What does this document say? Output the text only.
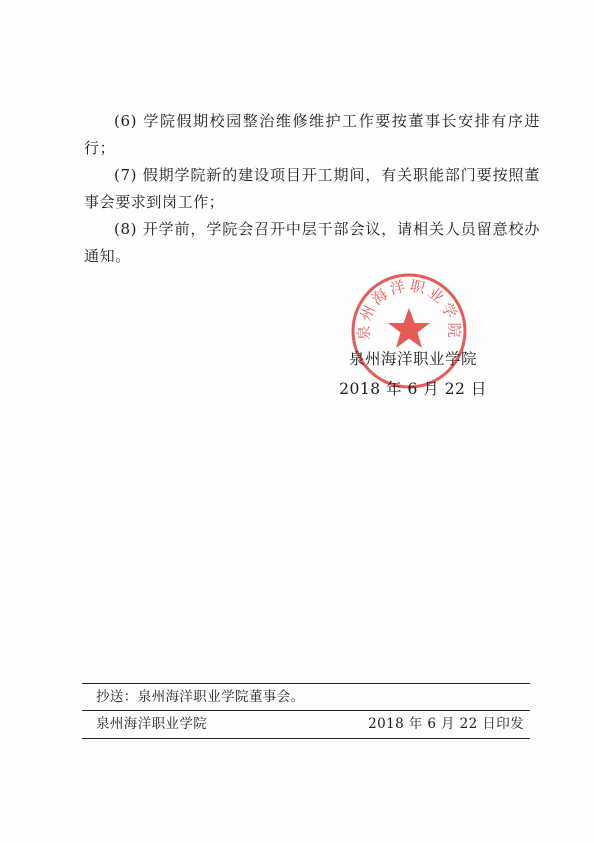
(6) 学院假期校园整治维修维护工作要按董事长安排有序进行；

(7) 假期学院新的建设项目开工期间，有关职能部门要按照董事会要求到岗工作；

(8) 开学前，学院会召开中层干部会议，请相关人员留意校办通知。

泉州海洋职业学院
泉州海洋职业学院
2018 年 6 月 22 日
抄送：泉州海洋职业学院董事会。
泉州海洋职业学院	2018 年 6 月 22 日印发
